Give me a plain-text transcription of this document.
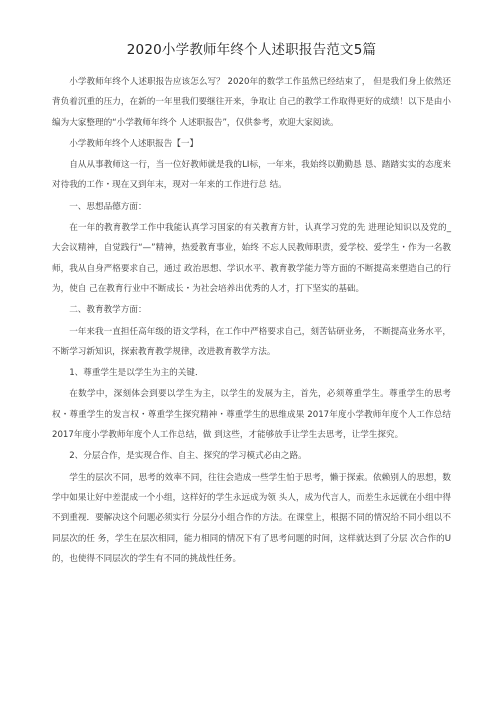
2020小学教师年终个人述职报告范文5篇

小学教师年终个人述职报告应该怎么写？ 2020年的数学工作虽然已经结束了， 但是我们身上依然还背负着沉重的压力，在新的一年里我们要继往开来，争取让 自己的教学工作取得更好的成绩！以下是由小编为大家整理的“小学教师年终个 人述职报告”，仅供参考，欢迎大家阅读。

小学教师年终个人述职报告【一】

自从从事教师这一行，当一位好教师就是我的LI标，一年来，我始终以勤勤恳 恳、踏踏实实的态度来对待我的工作・现在又到年末，现对一年来的工作进行总 结。

一、思想品德方面：

在一年的教育教学工作中我能认真学习国家的有关教育方针，认真学习党的先 进理论知识以及党的_大会议精神，自觉践行“—”精神，热爱教育事业，始终 不忘人民教师职责，爱学校、爱学生・作为一名教师，我从自身严格要求自己，通过 政治思想、学识水平、教育教学能力等方面的不断提高来塑造自己的行为，使自 己在教育行业中不断成长・为社会培养出优秀的人才，打下坚实的基础。

二、教育教学方面：

一年来我一直担任高年级的语文学科，在工作中严格要求自己，刻苦钻研业务， 不断提高业务水平，不断学习新知识，探索教育教学规律，改进教育教学方法。

1、尊重学生是以学生为主的关键．

在数学中，深刻体会到要以学生为主，以学生的发展为主，首先，必须尊重学生。尊重学生的思考权・尊重学生的发言权・尊重学生探究精神・尊重学生的思维成果 2017年度小学教师年度个人工作总结2017年度小学教师年度个人工作总结，做 到这些，才能够放手让学生去思考，让学生探究。

2、分层合作，是实现合作、自主、探究的学习模式必由之路。

学生的层次不同，思考的效率不同，往往会造成一些学生怕于思考，懒于探索。依赖别人的思想，数学中如果让好中差混成一个小组，这样好的学生永远成为领 头人，成为代言人，而差生永远就在小组中得不到重视．要解决这个问题必须实行 分层分小组合作的方法。在课堂上，根据不同的情况给不同小组以不同层次的任 务，学生在层次相同，能力相同的情况下有了思考问题的时间，这样就达到了分层 次合作的U的，也使得不同层次的学生有不同的挑战性任务。
